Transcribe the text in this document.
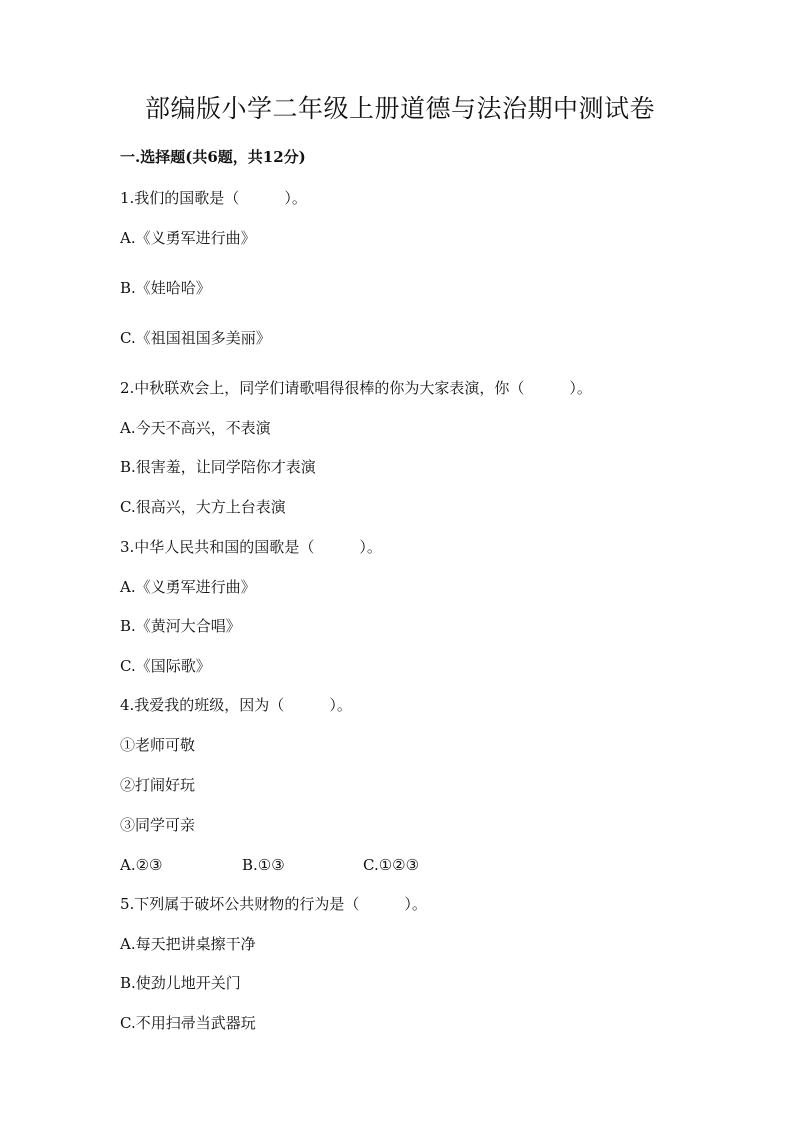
部编版小学二年级上册道德与法治期中测试卷
一.选择题(共6题，共12分)
1.我们的国歌是（　　　）。
A.《义勇军进行曲》
B.《娃哈哈》
C.《祖国祖国多美丽》
2.中秋联欢会上，同学们请歌唱得很棒的你为大家表演，你（　　　）。
A.今天不高兴，不表演
B.很害羞，让同学陪你才表演
C.很高兴，大方上台表演
3.中华人民共和国的国歌是（　　　）。
A.《义勇军进行曲》
B.《黄河大合唱》
C.《国际歌》
4.我爱我的班级，因为（　　　）。
①老师可敬
②打闹好玩
③同学可亲
A.②③	B.①③	C.①②③
5.下列属于破坏公共财物的行为是（　　　）。
A.每天把讲桌擦干净
B.使劲儿地开关门
C.不用扫帚当武器玩
